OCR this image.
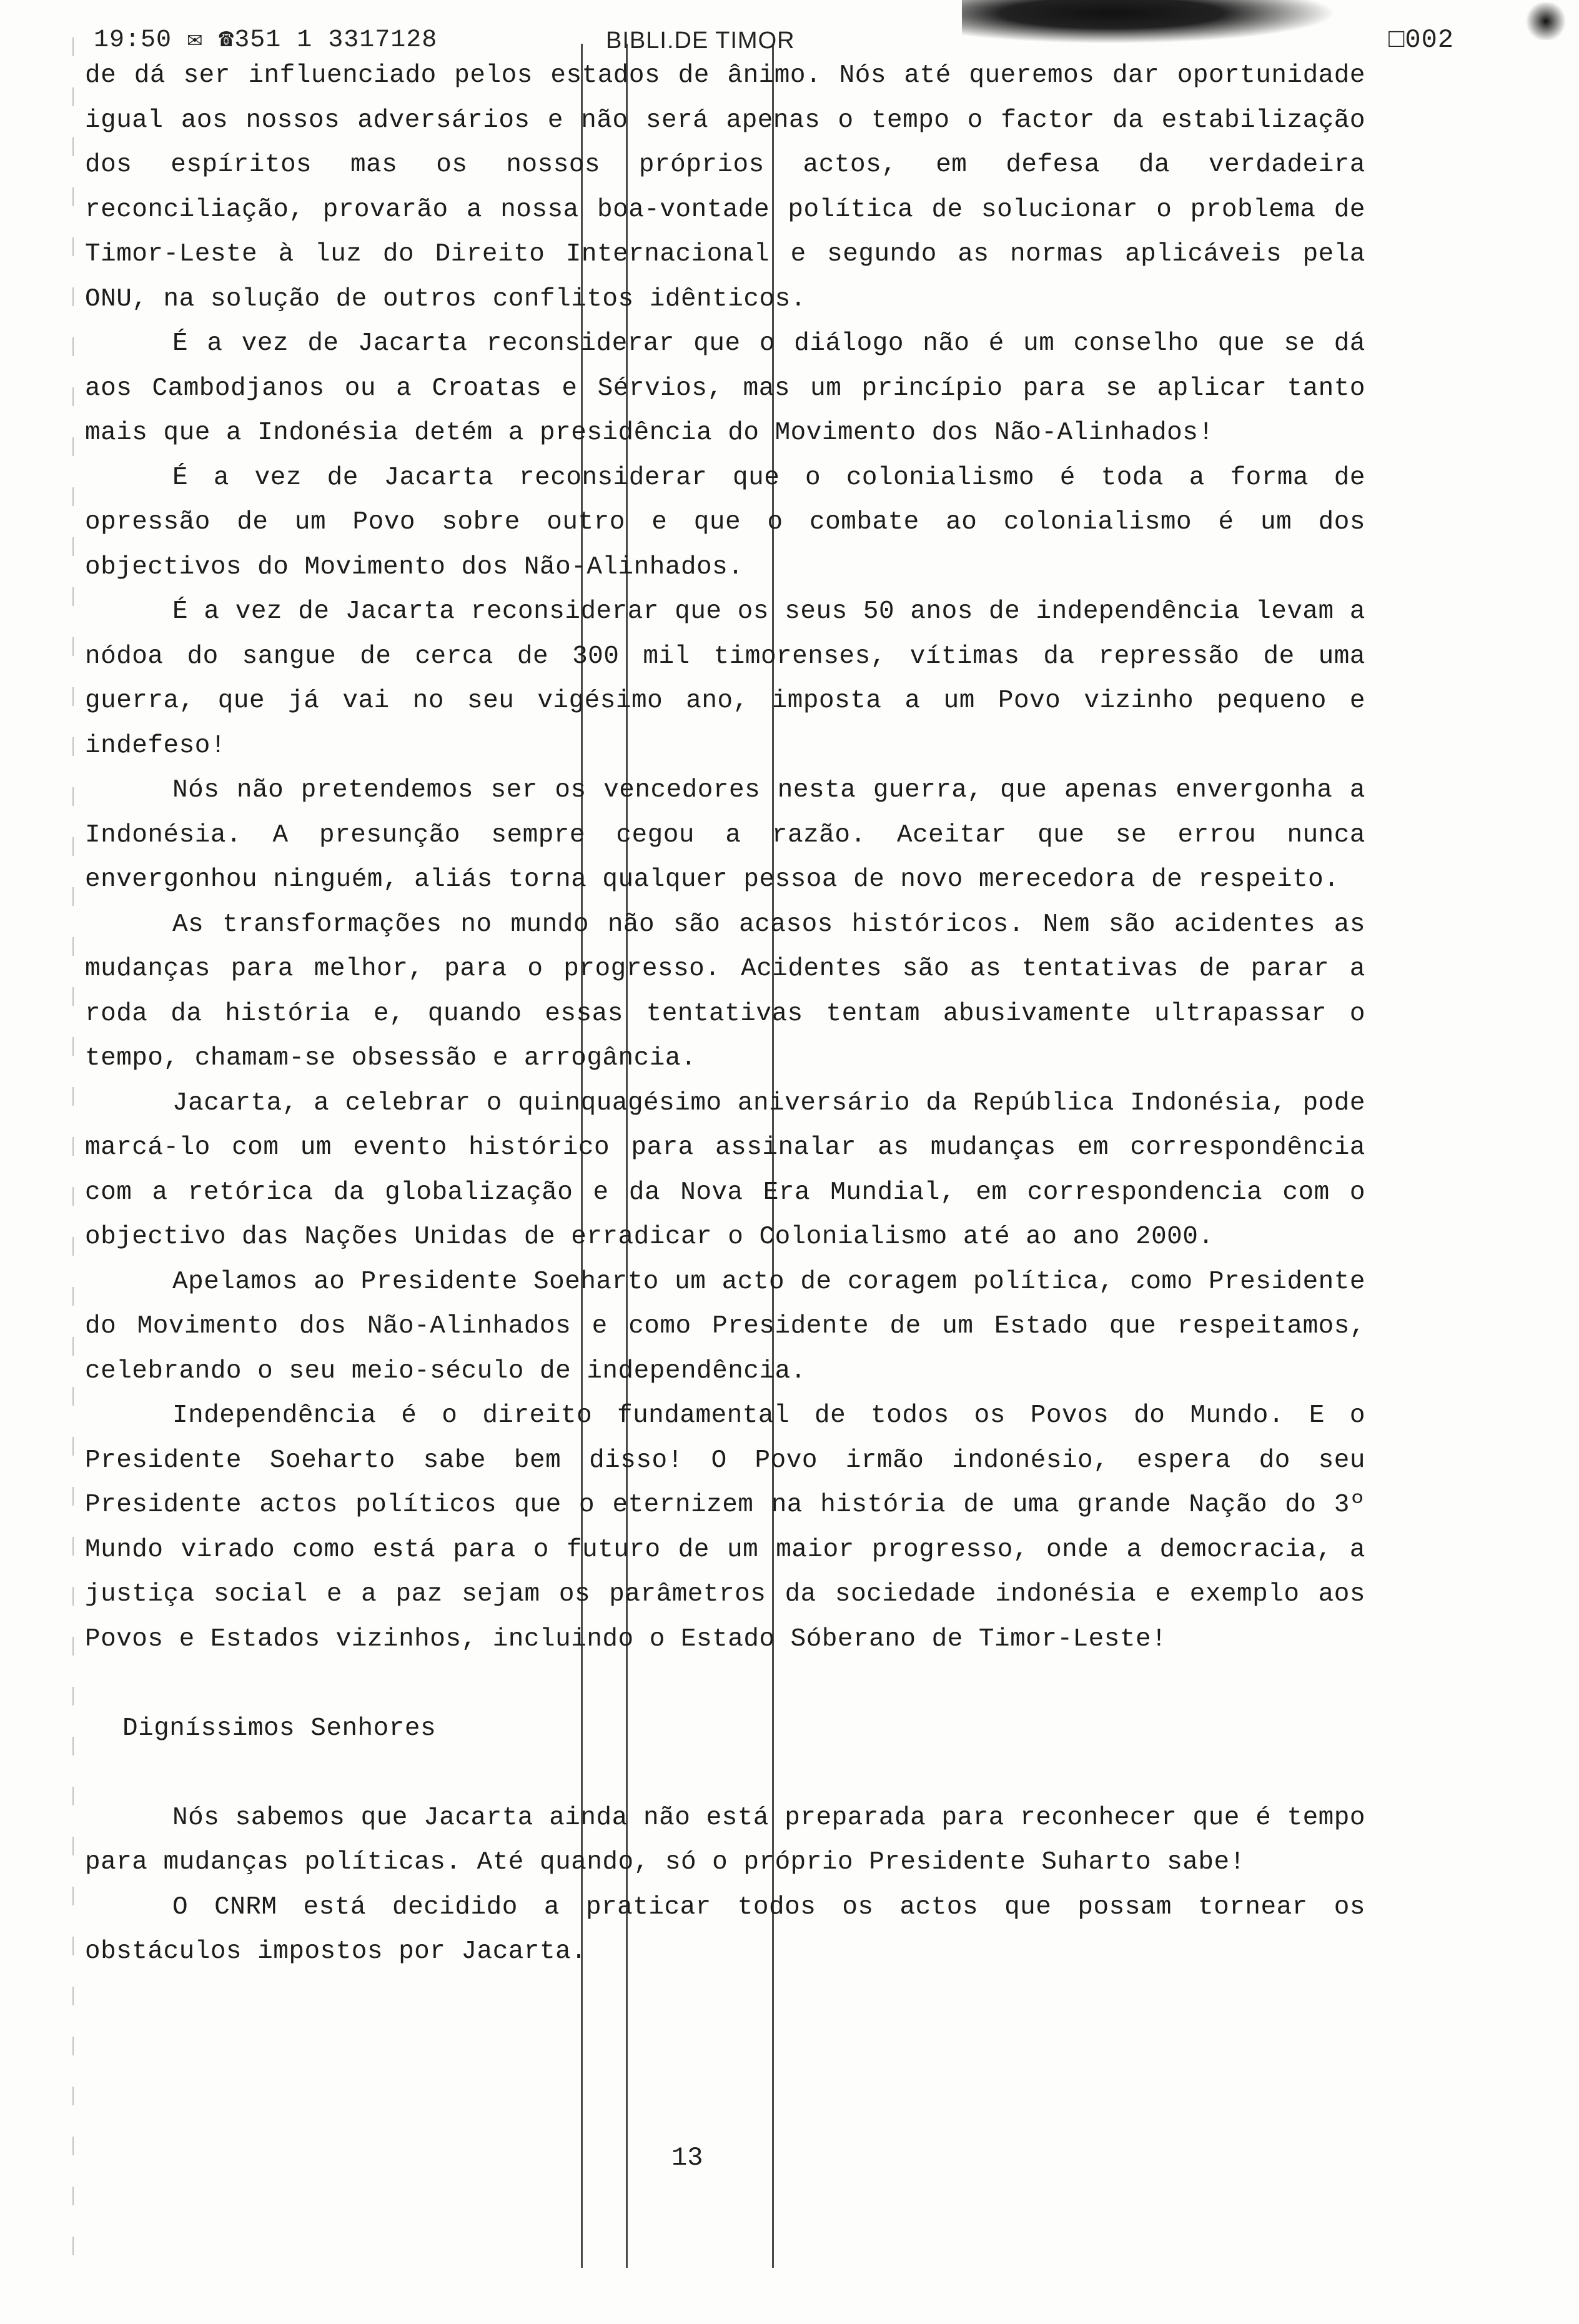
19:50 ✉ ☎351 1 3317128	BIBLI.DE TIMOR	□002

de dá ser influenciado pelos estados de ânimo. Nós até queremos dar oportunidade igual aos nossos adversários e não será apenas o tempo o factor da estabilização dos espíritos mas os nossos próprios actos, em defesa da verdadeira reconciliação, provarão a nossa boa-vontade política de solucionar o problema de Timor-Leste à luz do Direito Internacional e segundo as normas aplicáveis pela ONU, na solução de outros conflitos idênticos.

É a vez de Jacarta reconsiderar que o diálogo não é um conselho que se dá aos Cambodjanos ou a Croatas e Sérvios, mas um princípio para se aplicar tanto mais que a Indonésia detém a presidência do Movimento dos Não-Alinhados!

É a vez de Jacarta reconsiderar que o colonialismo é toda a forma de opressão de um Povo sobre outro e que o combate ao colonialismo é um dos objectivos do Movimento dos Não-Alinhados.

É a vez de Jacarta reconsiderar que os seus 50 anos de independência levam a nódoa do sangue de cerca de 300 mil timorenses, vítimas da repressão de uma guerra, que já vai no seu vigésimo ano, imposta a um Povo vizinho pequeno e indefeso!

Nós não pretendemos ser os vencedores nesta guerra, que apenas envergonha a Indonésia. A presunção sempre cegou a razão. Aceitar que se errou nunca envergonhou ninguém, aliás torna qualquer pessoa de novo merecedora de respeito.

As transformações no mundo não são acasos históricos. Nem são acidentes as mudanças para melhor, para o progresso. Acidentes são as tentativas de parar a roda da história e, quando essas tentativas tentam abusivamente ultrapassar o tempo, chamam-se obsessão e arrogância.

Jacarta, a celebrar o quinquagésimo aniversário da República Indonésia, pode marcá-lo com um evento histórico para assinalar as mudanças em correspondência com a retórica da globalização e da Nova Era Mundial, em correspondencia com o objectivo das Nações Unidas de erradicar o Colonialismo até ao ano 2000.

Apelamos ao Presidente Soeharto um acto de coragem política, como Presidente do Movimento dos Não-Alinhados e como Presidente de um Estado que respeitamos, celebrando o seu meio-século de independência.

Independência é o direito fundamental de todos os Povos do Mundo. E o Presidente Soeharto sabe bem disso! O Povo irmão indonésio, espera do seu Presidente actos políticos que o eternizem na história de uma grande Nação do 3º Mundo virado como está para o futuro de um maior progresso, onde a democracia, a justiça social e a paz sejam os parâmetros da sociedade indonésia e exemplo aos Povos e Estados vizinhos, incluindo o Estado Sóberano de Timor-Leste!

Digníssimos Senhores

Nós sabemos que Jacarta ainda não está preparada para reconhecer que é tempo para mudanças políticas. Até quando, só o próprio Presidente Suharto sabe!

O CNRM está decidido a praticar todos os actos que possam tornear os obstáculos impostos por Jacarta.

13
